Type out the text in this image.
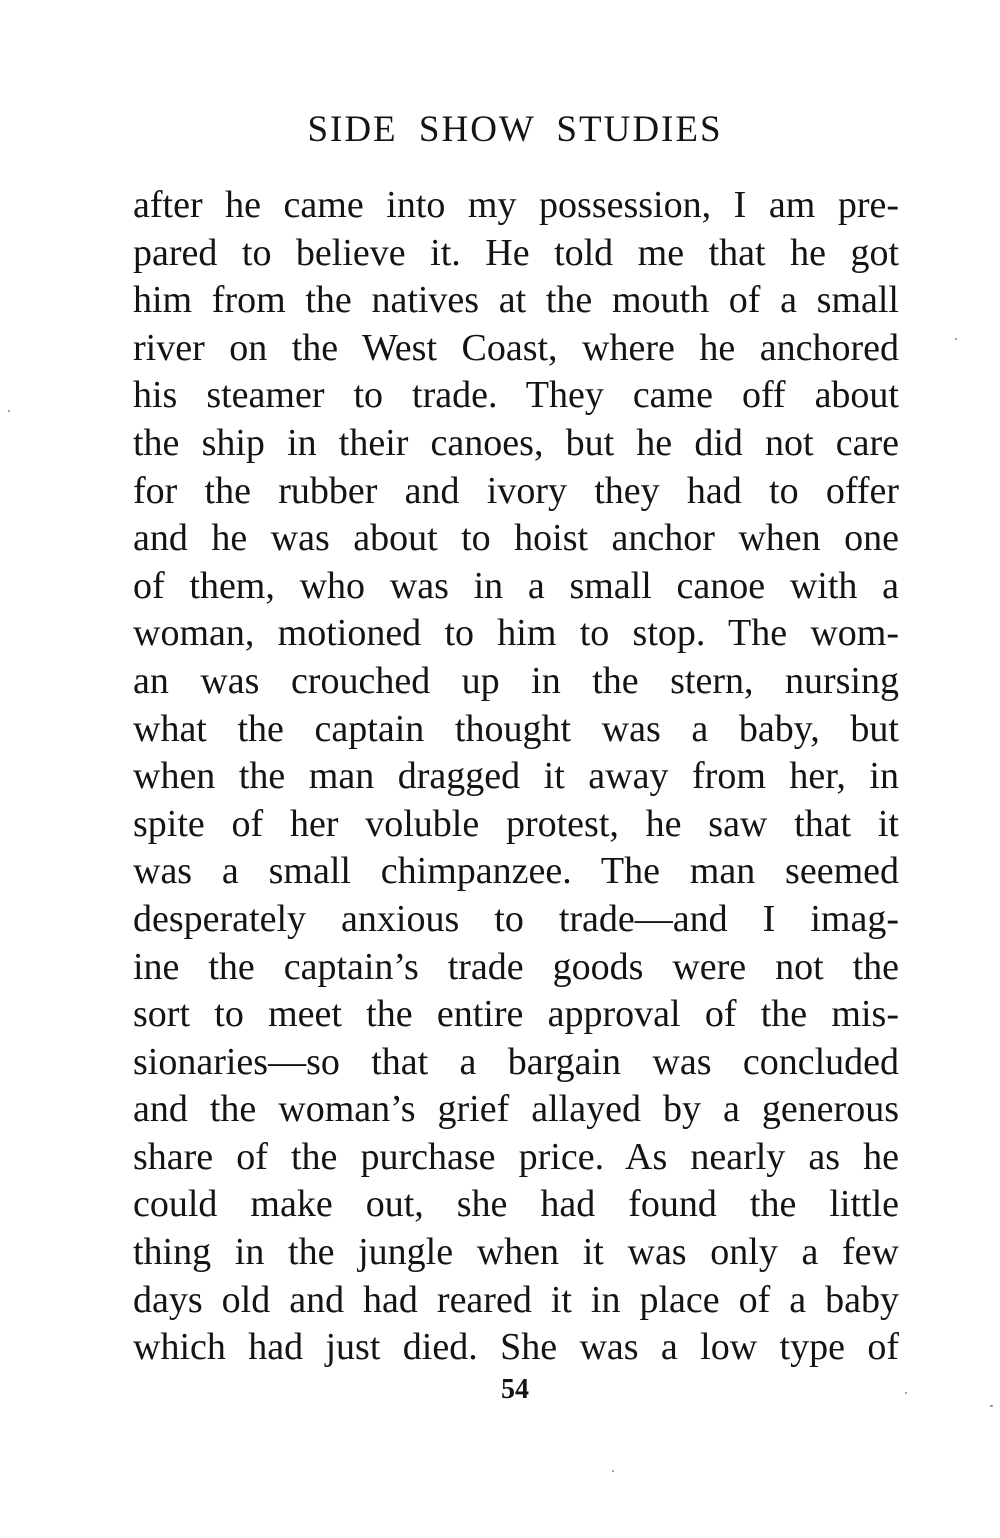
SIDE SHOW STUDIES
after he came into my possession, I am pre-
pared to believe it. He told me that he got
him from the natives at the mouth of a small
river on the West Coast, where he anchored
his steamer to trade. They came off about
the ship in their canoes, but he did not care
for the rubber and ivory they had to offer
and he was about to hoist anchor when one
of them, who was in a small canoe with a
woman, motioned to him to stop. The wom-
an was crouched up in the stern, nursing
what the captain thought was a baby, but
when the man dragged it away from her, in
spite of her voluble protest, he saw that it
was a small chimpanzee. The man seemed
desperately anxious to trade—and I imag-
ine the captain’s trade goods were not the
sort to meet the entire approval of the mis-
sionaries—so that a bargain was concluded
and the woman’s grief allayed by a generous
share of the purchase price. As nearly as he
could make out, she had found the little
thing in the jungle when it was only a few
days old and had reared it in place of a baby
which had just died. She was a low type of
54
